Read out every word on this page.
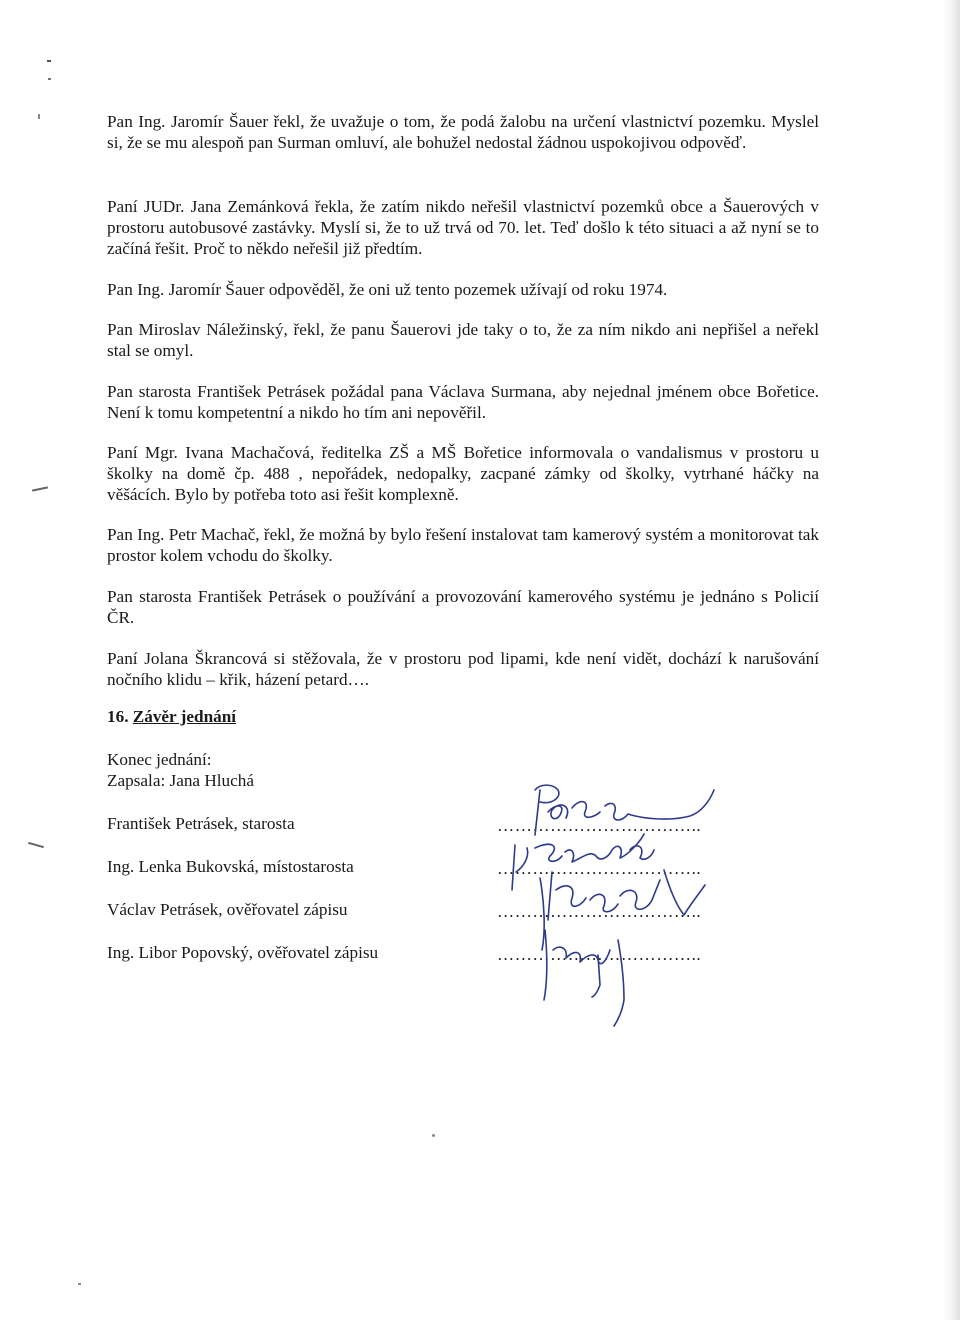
Pan Ing. Jaromír Šauer řekl, že uvažuje o tom, že podá žalobu na určení vlastnictví pozemku. Myslel si, že se mu alespoň pan Surman omluví, ale bohužel nedostal žádnou uspokojivou odpověď.

Paní JUDr. Jana Zemánková řekla, že zatím nikdo neřešil vlastnictví pozemků obce a Šauerových v prostoru autobusové zastávky. Myslí si, že to už trvá od 70. let. Teď došlo k této situaci a až nyní se to začíná řešit. Proč to někdo neřešil již předtím.

Pan Ing. Jaromír Šauer odpověděl, že oni už tento pozemek užívají od roku 1974.

Pan Miroslav Náležinský, řekl, že panu Šauerovi jde taky o to, že za ním nikdo ani nepřišel a neřekl stal se omyl.

Pan starosta František Petrásek požádal pana Václava Surmana, aby nejednal jménem obce Bořetice. Není k tomu kompetentní a nikdo ho tím ani nepověřil.

Paní Mgr. Ivana Machačová, ředitelka ZŠ a MŠ Bořetice informovala o vandalismus v prostoru u školky na domě čp. 488 , nepořádek, nedopalky, zacpané zámky od školky, vytrhané háčky na věšácích. Bylo by potřeba toto asi řešit komplexně.

Pan Ing. Petr Machač, řekl, že možná by bylo řešení instalovat tam kamerový systém a monitorovat tak prostor kolem vchodu do školky.

Pan starosta František Petrásek o používání a provozování kamerového systému je jednáno s Policií ČR.

Paní Jolana Škrancová si stěžovala, že v prostoru pod lipami, kde není vidět, dochází k narušování nočního klidu – křik, házení petard….

16. Závěr jednání

Konec jednání:

Zapsala: Jana Hluchá

František Petrásek, starosta	……………………………..

Ing. Lenka Bukovská, místostarosta	……………………………..

Václav Petrásek, ověřovatel zápisu	……………………………..

Ing. Libor Popovský, ověřovatel zápisu	……………………………..
